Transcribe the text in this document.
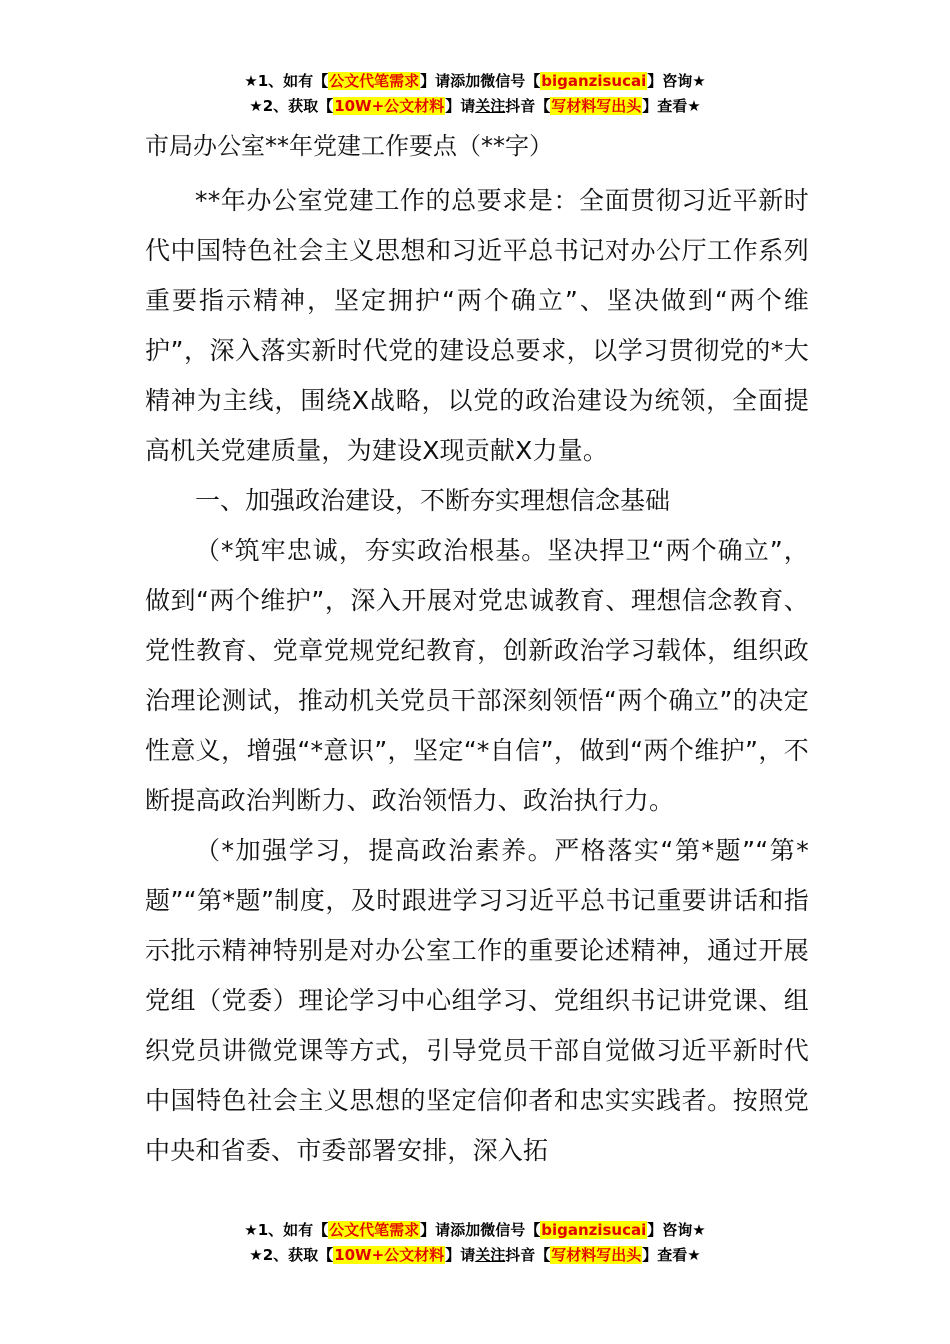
★1、如有【公文代笔需求】请添加微信号【biganzisucai】咨询★
★2、获取【10W+公文材料】请关注抖音【写材料写出头】查看★
市局办公室**年党建工作要点（**字）

**年办公室党建工作的总要求是：全面贯彻习近平新时代中国特色社会主义思想和习近平总书记对办公厅工作系列重要指示精神，坚定拥护“两个确立”、坚决做到“两个维护”，深入落实新时代党的建设总要求，以学习贯彻党的*大精神为主线，围绕X战略，以党的政治建设为统领，全面提高机关党建质量，为建设X现贡献X力量。

一、加强政治建设，不断夯实理想信念基础

（*筑牢忠诚，夯实政治根基。坚决捍卫“两个确立”，做到“两个维护”，深入开展对党忠诚教育、理想信念教育、党性教育、党章党规党纪教育，创新政治学习载体，组织政治理论测试，推动机关党员干部深刻领悟“两个确立”的决定性意义，增强“*意识”，坚定“*自信”，做到“两个维护”，不断提高政治判断力、政治领悟力、政治执行力。

（*加强学习，提高政治素养。严格落实“第*题”“第*题”“第*题”制度，及时跟进学习习近平总书记重要讲话和指示批示精神特别是对办公室工作的重要论述精神，通过开展党组（党委）理论学习中心组学习、党组织书记讲党课、组织党员讲微党课等方式，引导党员干部自觉做习近平新时代中国特色社会主义思想的坚定信仰者和忠实实践者。按照党中央和省委、市委部署安排，深入拓

★1、如有【公文代笔需求】请添加微信号【biganzisucai】咨询★
★2、获取【10W+公文材料】请关注抖音【写材料写出头】查看★
